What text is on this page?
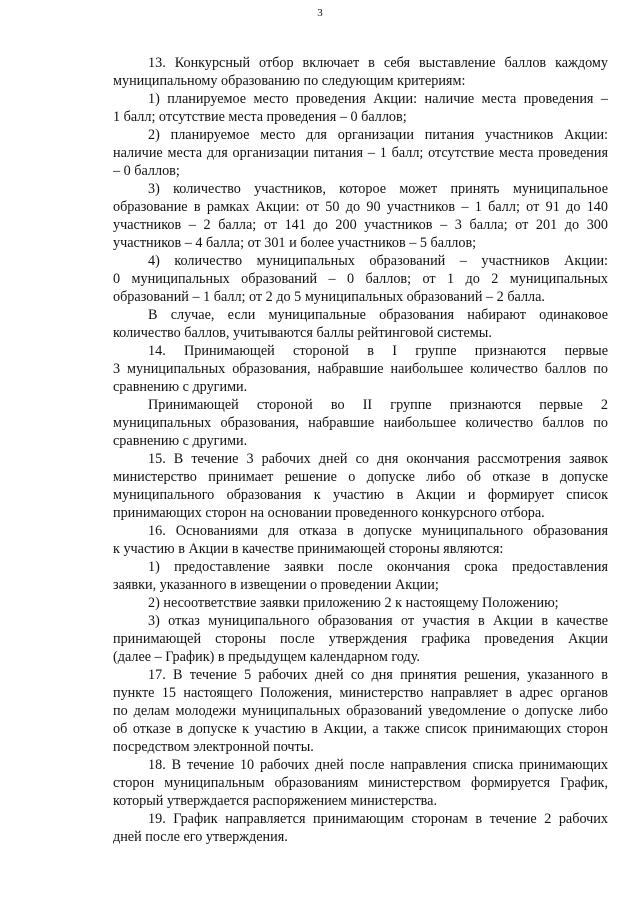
3
13. Конкурсный отбор включает в себя выставление баллов каждому
муниципальному образованию по следующим критериям:
1) планируемое место проведения Акции: наличие места проведения –
1 балл; отсутствие места проведения – 0 баллов;
2) планируемое место для организации питания участников Акции:
наличие места для организации питания – 1 балл; отсутствие места проведения
– 0 баллов;
3) количество участников, которое может принять муниципальное
образование в рамках Акции: от 50 до 90 участников – 1 балл; от 91 до 140
участников – 2 балла; от 141 до 200 участников – 3 балла; от 201 до 300
участников – 4 балла; от 301 и более участников – 5 баллов;
4) количество муниципальных образований – участников Акции:
0 муниципальных образований – 0 баллов; от 1 до 2 муниципальных
образований – 1 балл; от 2 до 5 муниципальных образований – 2 балла.
В случае, если муниципальные образования набирают одинаковое
количество баллов, учитываются баллы рейтинговой системы.
14. Принимающей стороной в I группе признаются первые
3 муниципальных образования, набравшие наибольшее количество баллов по
сравнению с другими.
Принимающей стороной во II группе признаются первые 2
муниципальных образования, набравшие наибольшее количество баллов по
сравнению с другими.
15. В течение 3 рабочих дней со дня окончания рассмотрения заявок
министерство принимает решение о допуске либо об отказе в допуске
муниципального образования к участию в Акции и формирует список
принимающих сторон на основании проведенного конкурсного отбора.
16. Основаниями для отказа в допуске муниципального образования
к участию в Акции в качестве принимающей стороны являются:
1) предоставление заявки после окончания срока предоставления
заявки, указанного в извещении о проведении Акции;
2) несоответствие заявки приложению 2 к настоящему Положению;
3) отказ муниципального образования от участия в Акции в качестве
принимающей стороны после утверждения графика проведения Акции
(далее – График) в предыдущем календарном году.
17. В течение 5 рабочих дней со дня принятия решения, указанного в
пункте 15 настоящего Положения, министерство направляет в адрес органов
по делам молодежи муниципальных образований уведомление о допуске либо
об отказе в допуске к участию в Акции, а также список принимающих сторон
посредством электронной почты.
18. В течение 10 рабочих дней после направления списка принимающих
сторон муниципальным образованиям министерством формируется График,
который утверждается распоряжением министерства.
19. График направляется принимающим сторонам в течение 2 рабочих
дней после его утверждения.
